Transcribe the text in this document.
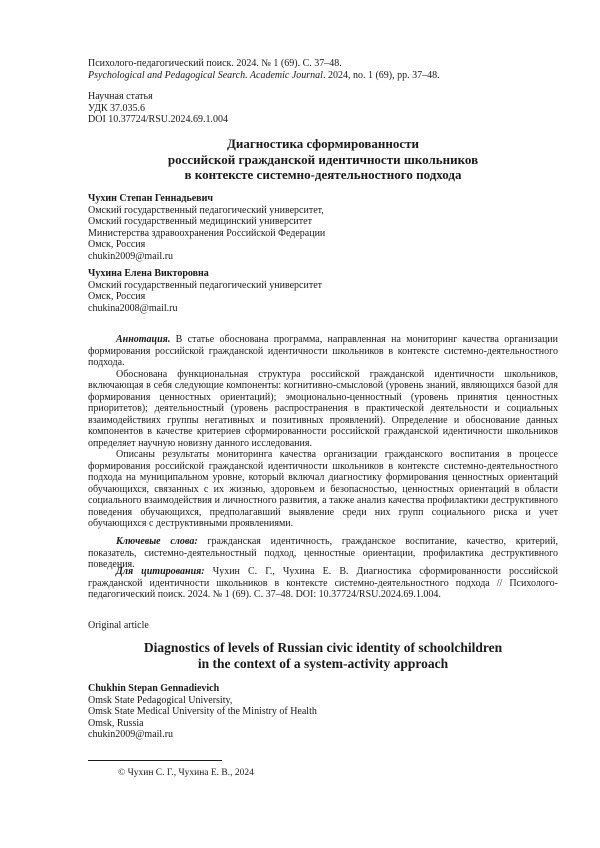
Психолого-педагогический поиск. 2024. № 1 (69). С. 37–48.
Psychological and Pedagogical Search. Academic Journal. 2024, no. 1 (69), pp. 37–48.
Научная статья
УДК 37.035.6
DOI 10.37724/RSU.2024.69.1.004
Диагностика сформированности
российской гражданской идентичности школьников
в контексте системно-деятельностного подхода
Чухин Степан Геннадьевич
Омский государственный педагогический университет,
Омский государственный медицинский университет
Министерства здравоохранения Российской Федерации
Омск, Россия
chukin2009@mail.ru
Чухина Елена Викторовна
Омский государственный педагогический университет
Омск, Россия
chukina2008@mail.ru

Аннотация. В статье обоснована программа, направленная на мониторинг качества организации формирования российской гражданской идентичности школьников в контексте системно-деятельностного подхода.

Обоснована функциональная структура российской гражданской идентичности школьников, включающая в себя следующие компоненты: когнитивно-смысловой (уровень знаний, являющихся базой для формирования ценностных ориентаций); эмоционально-ценностный (уровень принятия ценностных приоритетов); деятельностный (уровень распространения в практической деятельности и социальных взаимодействиях группы негативных и позитивных проявлений). Определение и обоснование данных компонентов в качестве критериев сформированности российской гражданской идентичности школьников определяет научную новизну данного исследования.

Описаны результаты мониторинга качества организации гражданского воспитания в процессе формирования российской гражданской идентичности школьников в контексте системно-деятельностного подхода на муниципальном уровне, который включал диагностику формирования ценностных ориентаций обучающихся, связанных с их жизнью, здоровьем и безопасностью, ценностных ориентаций в области социального взаимодействия и личностного развития, а также анализ качества профилактики деструктивного поведения обучающихся, предполагавший выявление среди них групп социального риска и учет обучающихся с деструктивными проявлениями.

Ключевые слова: гражданская идентичность, гражданское воспитание, качество, критерий, показатель, системно-деятельностный подход, ценностные ориентации, профилактика деструктивного поведения.

Для цитирования: Чухин С. Г., Чухина Е. В. Диагностика сформированности российской гражданской идентичности школьников в контексте системно-деятельностного подхода // Психолого-педагогический поиск. 2024. № 1 (69). С. 37–48. DOI: 10.37724/RSU.2024.69.1.004.

Original article
Diagnostics of levels of Russian civic identity of schoolchildren
in the context of a system-activity approach
Chukhin Stepan Gennadievich
Omsk State Pedagogical University,
Omsk State Medical University of the Ministry of Health
Omsk, Russia
chukin2009@mail.ru
© Чухин С. Г., Чухина Е. В., 2024
